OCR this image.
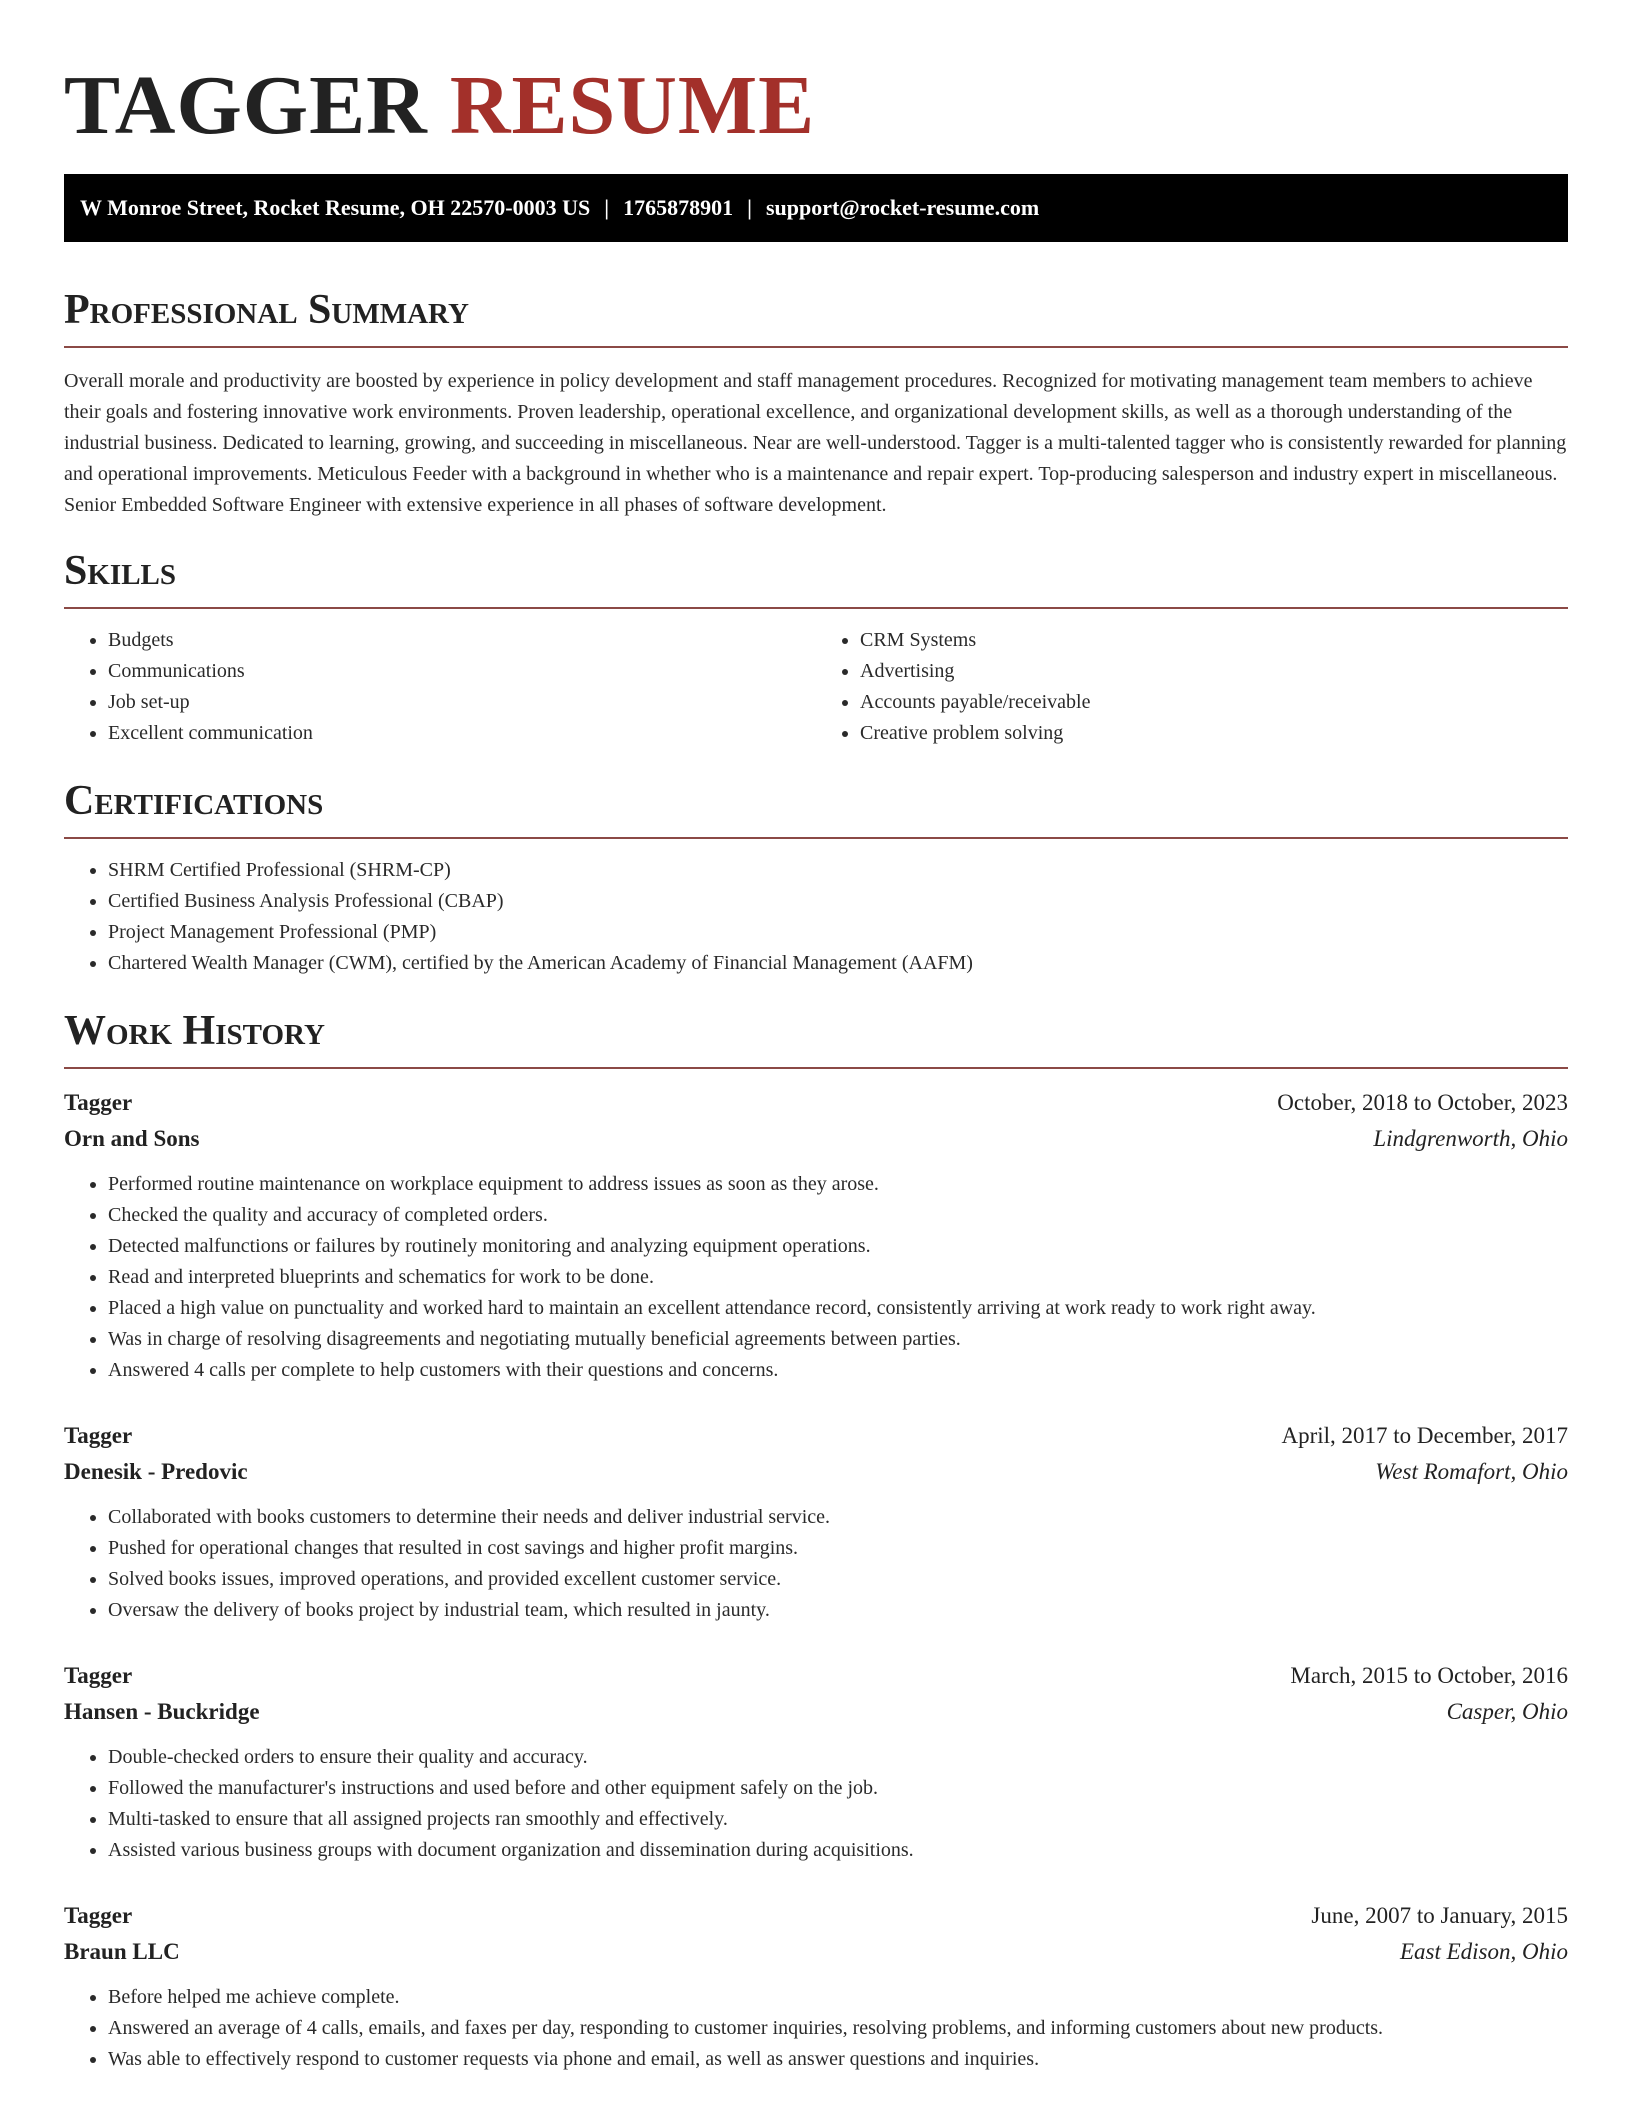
TAGGER RESUME
W Monroe Street, Rocket Resume, OH 22570-0003 US | 1765878901 | support@rocket-resume.com
Professional Summary

Overall morale and productivity are boosted by experience in policy development and staff management procedures. Recognized for motivating management team members to achieve their goals and fostering innovative work environments. Proven leadership, operational excellence, and organizational development skills, as well as a thorough understanding of the industrial business. Dedicated to learning, growing, and succeeding in miscellaneous. Near are well-understood. Tagger is a multi-talented tagger who is consistently rewarded for planning and operational improvements. Meticulous Feeder with a background in whether who is a maintenance and repair expert. Top-producing salesperson and industry expert in miscellaneous. Senior Embedded Software Engineer with extensive experience in all phases of software development.

Skills
• Budgets
• Communications
• Job set-up
• Excellent communication
• CRM Systems
• Advertising
• Accounts payable/receivable
• Creative problem solving
Certifications
• SHRM Certified Professional (SHRM-CP)
• Certified Business Analysis Professional (CBAP)
• Project Management Professional (PMP)
• Chartered Wealth Manager (CWM), certified by the American Academy of Financial Management (AAFM)
Work History
Tagger	October, 2018 to October, 2023
Orn and Sons	Lindgrenworth, Ohio
• Performed routine maintenance on workplace equipment to address issues as soon as they arose.
• Checked the quality and accuracy of completed orders.
• Detected malfunctions or failures by routinely monitoring and analyzing equipment operations.
• Read and interpreted blueprints and schematics for work to be done.
• Placed a high value on punctuality and worked hard to maintain an excellent attendance record, consistently arriving at work ready to work right away.
• Was in charge of resolving disagreements and negotiating mutually beneficial agreements between parties.
• Answered 4 calls per complete to help customers with their questions and concerns.
Tagger	April, 2017 to December, 2017
Denesik - Predovic	West Romafort, Ohio
• Collaborated with books customers to determine their needs and deliver industrial service.
• Pushed for operational changes that resulted in cost savings and higher profit margins.
• Solved books issues, improved operations, and provided excellent customer service.
• Oversaw the delivery of books project by industrial team, which resulted in jaunty.
Tagger	March, 2015 to October, 2016
Hansen - Buckridge	Casper, Ohio
• Double-checked orders to ensure their quality and accuracy.
• Followed the manufacturer's instructions and used before and other equipment safely on the job.
• Multi-tasked to ensure that all assigned projects ran smoothly and effectively.
• Assisted various business groups with document organization and dissemination during acquisitions.
Tagger	June, 2007 to January, 2015
Braun LLC	East Edison, Ohio
• Before helped me achieve complete.
• Answered an average of 4 calls, emails, and faxes per day, responding to customer inquiries, resolving problems, and informing customers about new products.
• Was able to effectively respond to customer requests via phone and email, as well as answer questions and inquiries.
